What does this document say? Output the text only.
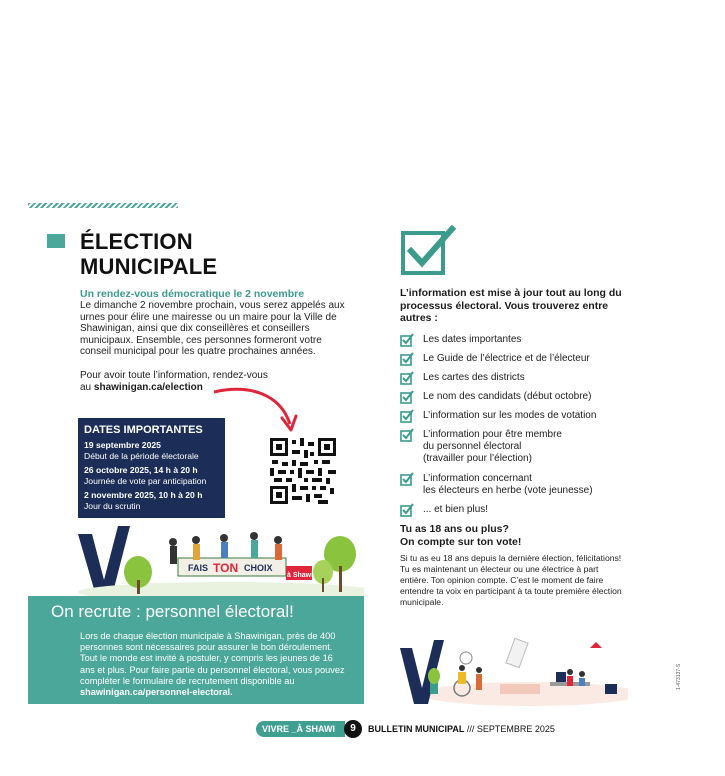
ÉLECTION
MUNICIPALE
Un rendez-vous démocratique le 2 novembre
Le dimanche 2 novembre prochain, vous serez appelés aux urnes pour élire une mairesse ou un maire pour la Ville de Shawinigan, ainsi que dix conseillères et conseillers municipaux. Ensemble, ces personnes formeront votre conseil municipal pour les quatre prochaines années.
Pour avoir toute l’information, rendez-vous
au shawinigan.ca/election
DATES IMPORTANTES
19 septembre 2025
Début de la période électorale
26 octobre 2025, 14 h à 20 h
Journée de vote par anticipation
2 novembre 2025, 10 h à 20 h
Jour du scrutin
FAIS TON CHOIX
à Shawi
On recrute : personnel électoral!
Lors de chaque élection municipale à Shawinigan, près de 400 personnes sont nécessaires pour assurer le bon déroulement. Tout le monde est invité à postuler, y compris les jeunes de 16 ans et plus. Pour faire partie du personnel électoral, vous pouvez compléter le formulaire de recrutement disponible au shawinigan.ca/personnel-electoral.
L’information est mise à jour tout au long du processus électoral. Vous trouverez entre autres :
Les dates importantes
Le Guide de l’électrice et de l’électeur
Les cartes des districts
Le nom des candidats (début octobre)
L’information sur les modes de votation
L’information pour être membre
du personnel électoral
(travailler pour l’élection)
L’information concernant
les électeurs en herbe (vote jeunesse)
... et bien plus!
Tu as 18 ans ou plus?
On compte sur ton vote!
Si tu as eu 18 ans depuis la dernière élection, félicitations! Tu es maintenant un électeur ou une électrice à part entière. Ton opinion compte. C’est le moment de faire entendre ta voix en participant à ta toute première élection municipale.
VIVRE _À SHAWI	9	BULLETIN MUNICIPAL /// SEPTEMBRE 2025
1-473137-S
